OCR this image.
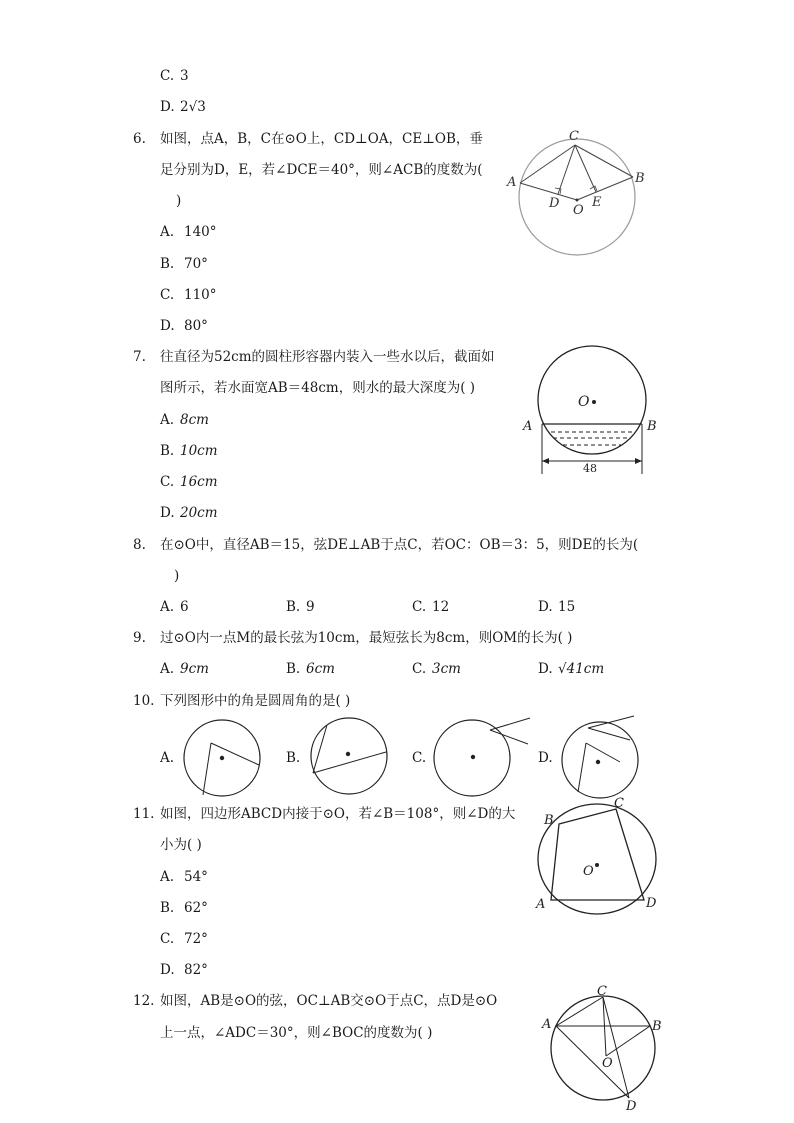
C. 3
D. 2√3
6. 如图，点A，B，C在⊙O上，CD⊥OA，CE⊥OB，垂
足分别为D，E，若∠DCE＝40°，则∠ACB的度数为(
)
A. 140°
B. 70°
C. 110°
D. 80°
C
A	B
D	E
O
7. 往直径为52cm的圆柱形容器内装入一些水以后，截面如
图所示，若水面宽AB＝48cm，则水的最大深度为( )
A. 8cm
B. 10cm
C. 16cm
D. 20cm
O
A	B
48
8. 在⊙O中，直径AB＝15，弦DE⊥AB于点C，若OC：OB＝3：5，则DE的长为(
)
A. 6	B. 9	C. 12	D. 15
9. 过⊙O内一点M的最长弦为10cm，最短弦长为8cm，则OM的长为( )
A. 9cm	B. 6cm	C. 3cm	D. √41cm
10. 下列图形中的角是圆周角的是( )
A.	B.	C.	D.
11. 如图，四边形ABCD内接于⊙O，若∠B＝108°，则∠D的大
小为( )
A. 54°
B. 62°
C. 72°
D. 82°
O
B
C
A	D
12. 如图，AB是⊙O的弦，OC⊥AB交⊙O于点C，点D是⊙O
上一点，∠ADC＝30°，则∠BOC的度数为( )
C
A	B
O
D
